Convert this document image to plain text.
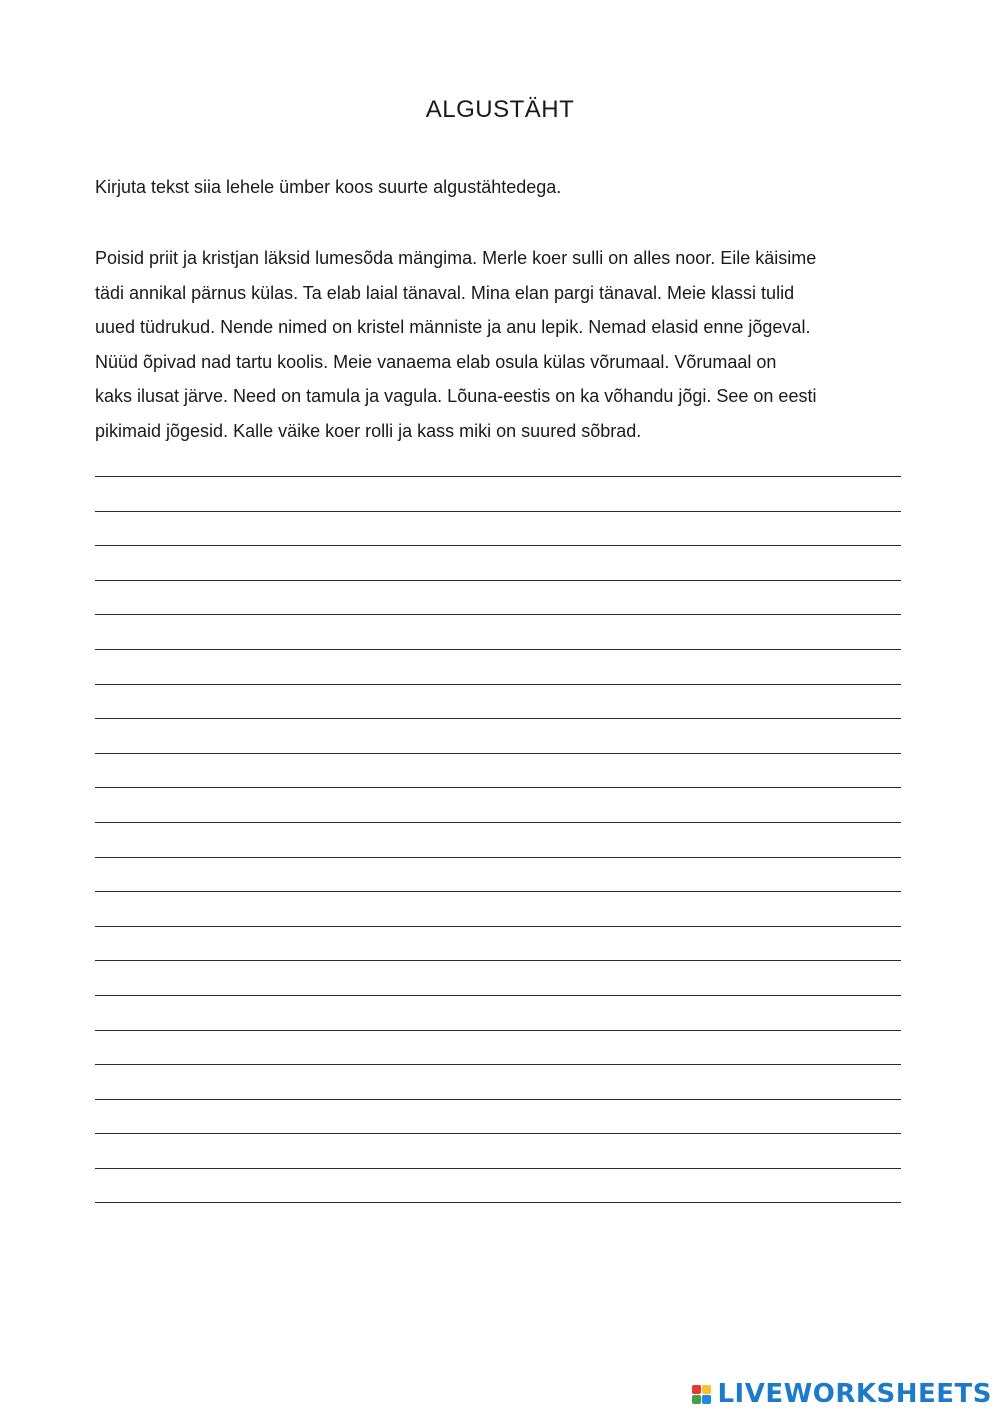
ALGUSTÄHT

Kirjuta tekst siia lehele ümber koos suurte algustähtedega.

Poisid priit ja kristjan läksid lumesõda mängima. Merle koer sulli on alles noor. Eile käisime
tädi annikal pärnus külas. Ta elab laial tänaval. Mina elan pargi tänaval. Meie klassi tulid
uued tüdrukud. Nende nimed on kristel männiste ja anu lepik. Nemad elasid enne jõgeval.
Nüüd õpivad nad tartu koolis. Meie vanaema elab osula külas võrumaal. Võrumaal on
kaks ilusat järve. Need on tamula ja vagula. Lõuna-eestis on ka võhandu jõgi. See on eesti
pikimaid jõgesid. Kalle väike koer rolli ja kass miki on suured sõbrad.
LIVEWORKSHEETS
